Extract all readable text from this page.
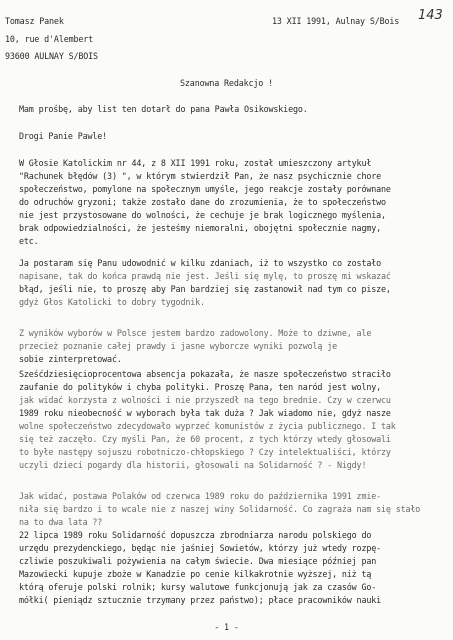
Tomasz Panek
10, rue d'Alembert
93600 AULNAY S/BOIS
13 XII 1991, Aulnay S/Bois 143
Szanowna Redakcjo !
Mam prośbę, aby list ten dotarł do pana Pawła Osikowskiego.
Drogi Panie Pawle!
W Głosie Katolickim nr 44, z 8 XII 1991 roku, został umieszczony artykuł
"Rachunek błędów (3) ", w którym stwierdził Pan, że nasz psychicznie chore
społeczeństwo, pomylone na społecznym umyśle, jego reakcje zostały porównane
do odruchów gryzoni; także zostało dane do zrozumienia, że to społeczeństwo
nie jest przystosowane do wolności, że cechuje je brak logicznego myślenia,
brak odpowiedzialności, że jesteśmy niemoralni, obojętni społecznie nagmy,
etc.
Ja postaram się Panu udowodnić w kilku zdaniach, iż to wszystko co zostało
napisane, tak do końca prawdą nie jest. Jeśli się mylę, to proszę mi wskazać
błąd, jeśli nie, to proszę aby Pan bardziej się zastanowił nad tym co pisze,
gdyż Głos Katolicki to dobry tygodnik.
Z wyników wyborów w Polsce jestem bardzo zadowolony. Może to dziwne, ale
przecież poznanie całej prawdy i jasne wyborcze wyniki pozwolą je
sobie zinterpretować.
Sześćdziesięcioprocentowa absencja pokazała, że nasze społeczeństwo straciło
zaufanie do polityków i chyba polityki. Proszę Pana, ten naród jest wolny,
jak widać korzysta z wolności i nie przyszedł na tego brednie. Czy w czerwcu
1989 roku nieobecność w wyborach była tak duża ? Jak wiadomo nie, gdyż nasze
wolne społeczeństwo zdecydowało wyprzeć komunistów z życia publicznego. I tak
się też zaczęło. Czy myśli Pan, że 60 procent, z tych którzy wtedy głosowali
to byłe następy sojuszu robotniczo-chłopskiego ? Czy intelektualiści, którzy
uczyli dzieci pogardy dla historii, głosowali na Solidarność ? - Nigdy!
Jak widać, postawa Polaków od czerwca 1989 roku do października 1991 zmie-
niła się bardzo i to wcale nie z naszej winy Solidarność. Co zagraża nam się stało
na to dwa lata ??
22 lipca 1989 roku Solidarność dopuszcza zbrodniarza narodu polskiego do
urzędu prezydenckiego, będąc nie jaśniej Sowietów, którzy już wtedy rozpę-
czliwie poszukiwali pożywienia na całym świecie. Dwa miesiące później pan
Mazowiecki kupuje zboże w Kanadzie po cenie kilkakrotnie wyższej, niż tą
którą oferuje polski rolnik; kursy walutowe funkcjonują jak za czasów Go-
mółki( pieniądz sztucznie trzymany przez państwo); płace pracowników nauki
- 1 -
